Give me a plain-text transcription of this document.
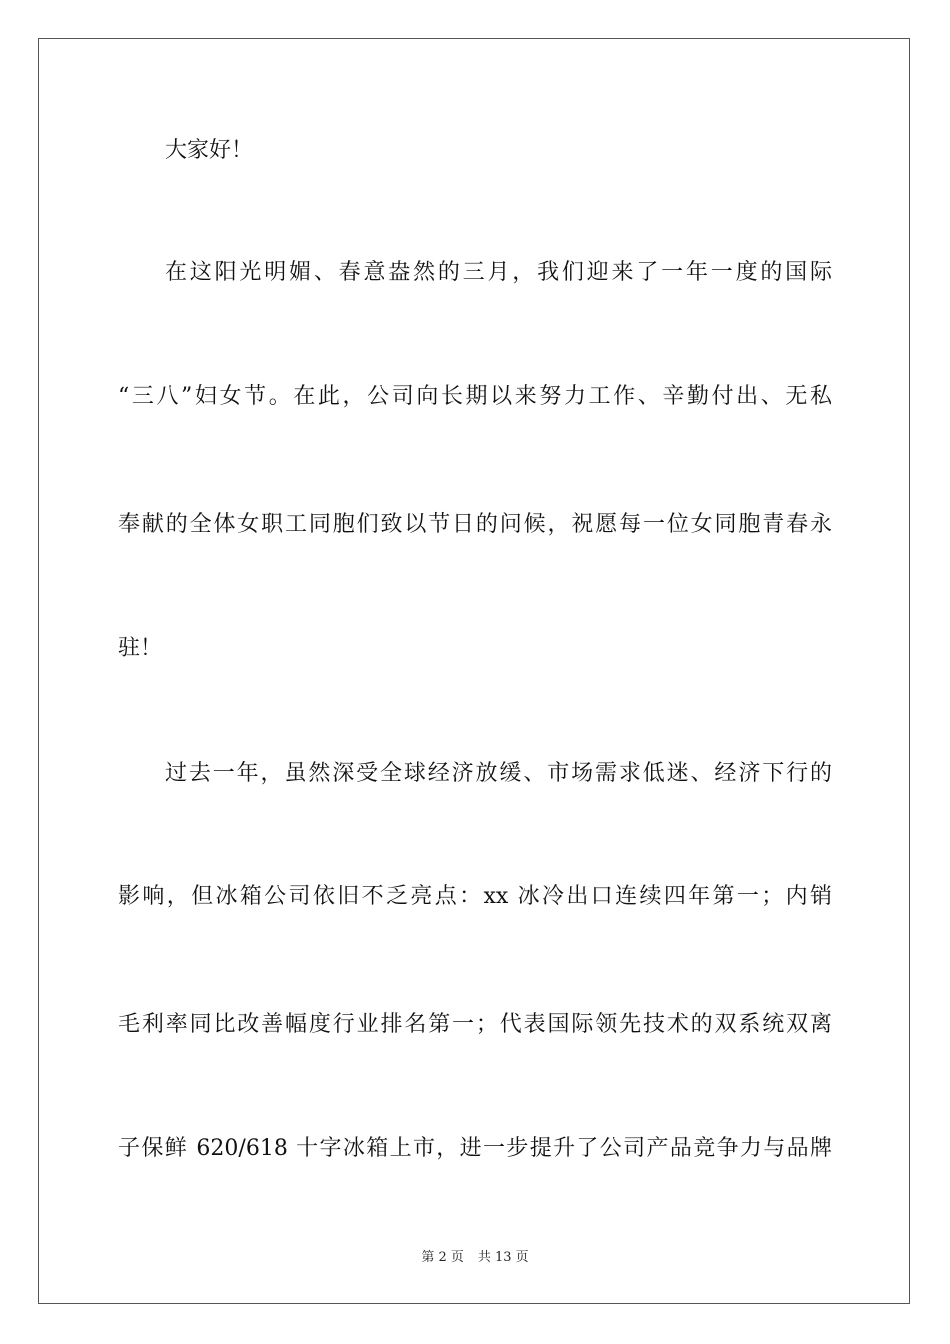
大家好！
在这阳光明媚、春意盎然的三月，我们迎来了一年一度的国际
“三八”妇女节。在此，公司向长期以来努力工作、辛勤付出、无私
奉献的全体女职工同胞们致以节日的问候，祝愿每一位女同胞青春永
驻！
过去一年，虽然深受全球经济放缓、市场需求低迷、经济下行的
影响，但冰箱公司依旧不乏亮点：xx 冰冷出口连续四年第一；内销
毛利率同比改善幅度行业排名第一；代表国际领先技术的双系统双离
子保鲜 620/618 十字冰箱上市，进一步提升了公司产品竞争力与品牌
第 2 页 共 13 页
